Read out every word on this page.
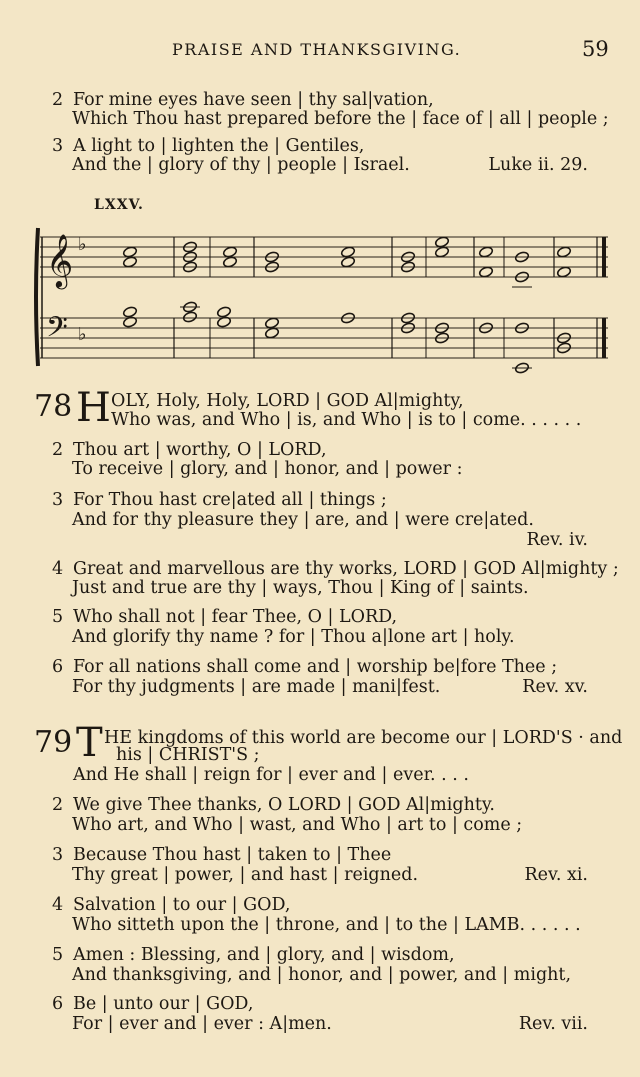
PRAISE AND THANKSGIVING.	59
2 For mine eyes have seen | thy sal|vation,
Which Thou hast prepared before the | face of | all | people ;
3 A light to | lighten the | Gentiles,
And the | glory of thy | people | Israel.	Luke ii. 29.
LXXV.
𝄞
𝄢
♭
♭
78 H OLY, Holy, Holy, LORD | GOD Al|mighty,
Who was, and Who | is, and Who | is to | come. . . . . .
2 Thou art | worthy, O | LORD,
To receive | glory, and | honor, and | power :
3 For Thou hast cre|ated all | things ;
And for thy pleasure they | are, and | were cre|ated.
Rev. iv.
4 Great and marvellous are thy works, LORD | GOD Al|mighty ;
Just and true are thy | ways, Thou | King of | saints.
5 Who shall not | fear Thee, O | LORD,
And glorify thy name ? for | Thou a|lone art | holy.
6 For all nations shall come and | worship be|fore Thee ;
For thy judgments | are made | mani|fest.	Rev. xv.
79 T HE kingdoms of this world are become our | LORD'S · and
his | CHRIST'S ;
And He shall | reign for | ever and | ever. . . .
2 We give Thee thanks, O LORD | GOD Al|mighty.
Who art, and Who | wast, and Who | art to | come ;
3 Because Thou hast | taken to | Thee
Thy great | power, | and hast | reigned.	Rev. xi.
4 Salvation | to our | GOD,
Who sitteth upon the | throne, and | to the | LAMB. . . . . .
5 Amen : Blessing, and | glory, and | wisdom,
And thanksgiving, and | honor, and | power, and | might,
6 Be | unto our | GOD,
For | ever and | ever : A|men.	Rev. vii.
